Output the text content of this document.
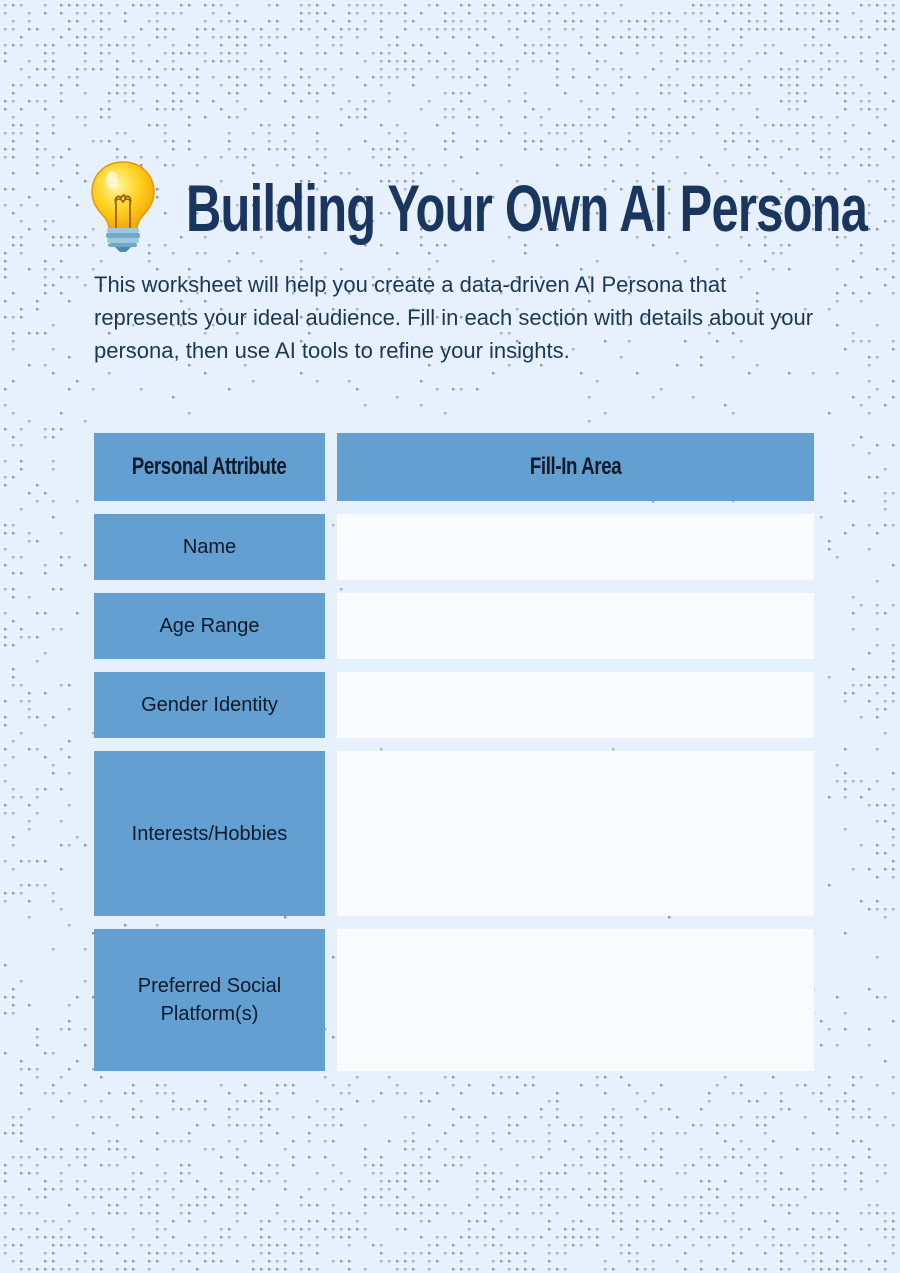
Building Your Own AI Persona

This worksheet will help you create a data-driven AI Persona that represents your ideal audience. Fill in each section with details about your persona, then use AI tools to refine your insights.

Personal Attribute	Fill-In Area
Name
Age Range
Gender Identity
Interests/Hobbies
Preferred Social Platform(s)
